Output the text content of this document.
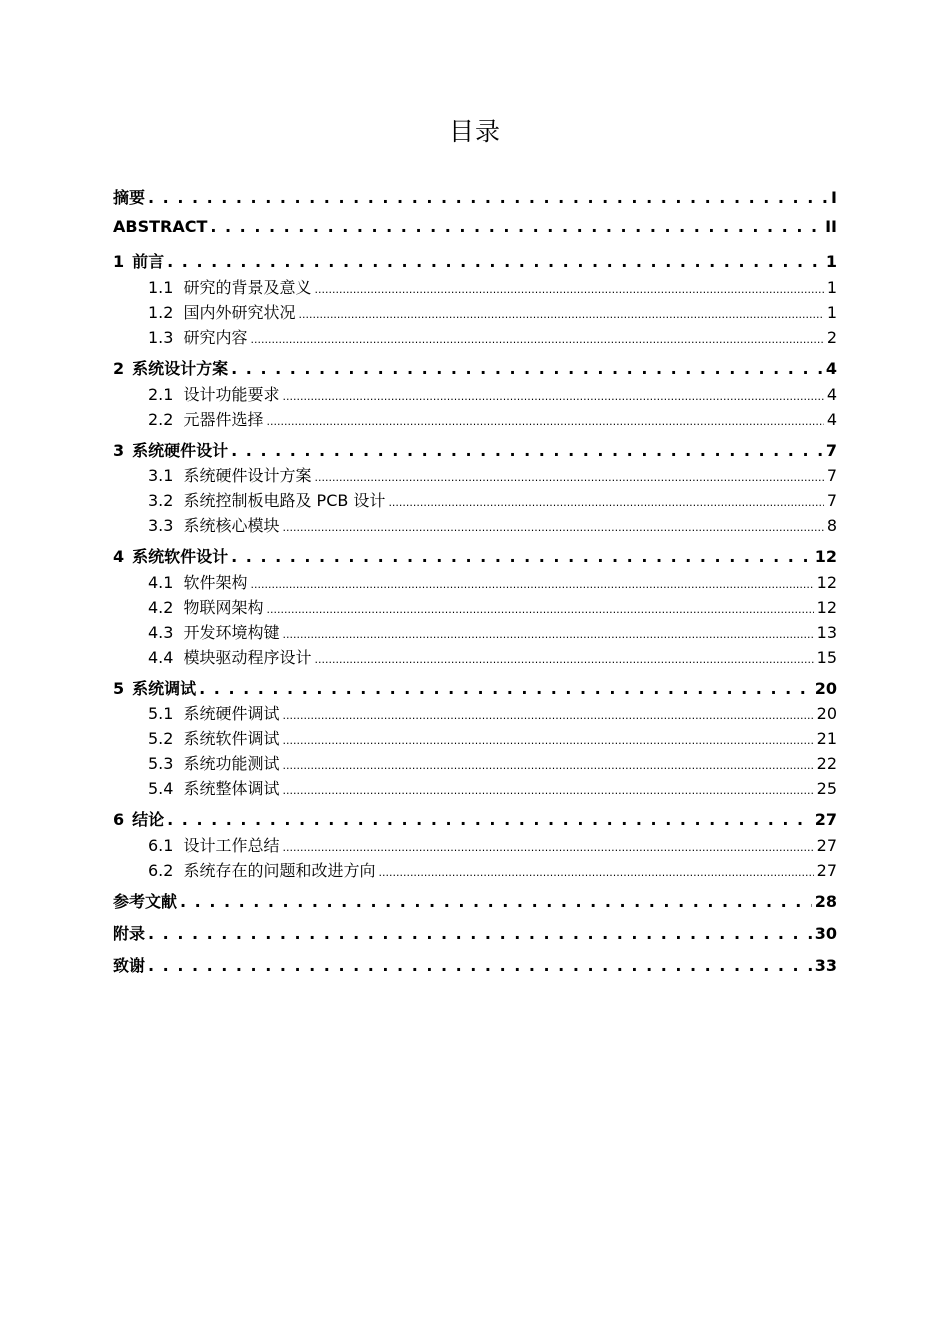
目录
摘要 . . .	I
ABSTRACT . . .	II
1 前言 . . .	1
1.1 研究的背景及意义 .....	1
1.2 国内外研究状况 .....	1
1.3 研究内容 .....	2
2 系统设计方案 . . .	4
2.1 设计功能要求 .....	4
2.2 元器件选择 .....	4
3 系统硬件设计 . . .	7
3.1 系统硬件设计方案 .....	7
3.2 系统控制板电路及 PCB 设计 .....	7
3.3 系统核心模块 .....	8
4 系统软件设计 . . .	12
4.1 软件架构 .....	12
4.2 物联网架构 .....	12
4.3 开发环境构键 .....	13
4.4 模块驱动程序设计 .....	15
5 系统调试 . . .	20
5.1 系统硬件调试 .....	20
5.2 系统软件调试 .....	21
5.3 系统功能测试 .....	22
5.4 系统整体调试 .....	25
6 结论 . . .	27
6.1 设计工作总结 .....	27
6.2 系统存在的问题和改进方向 .....	27
参考文献 . . .	28
附录 . . .	30
致谢 . . .	33
